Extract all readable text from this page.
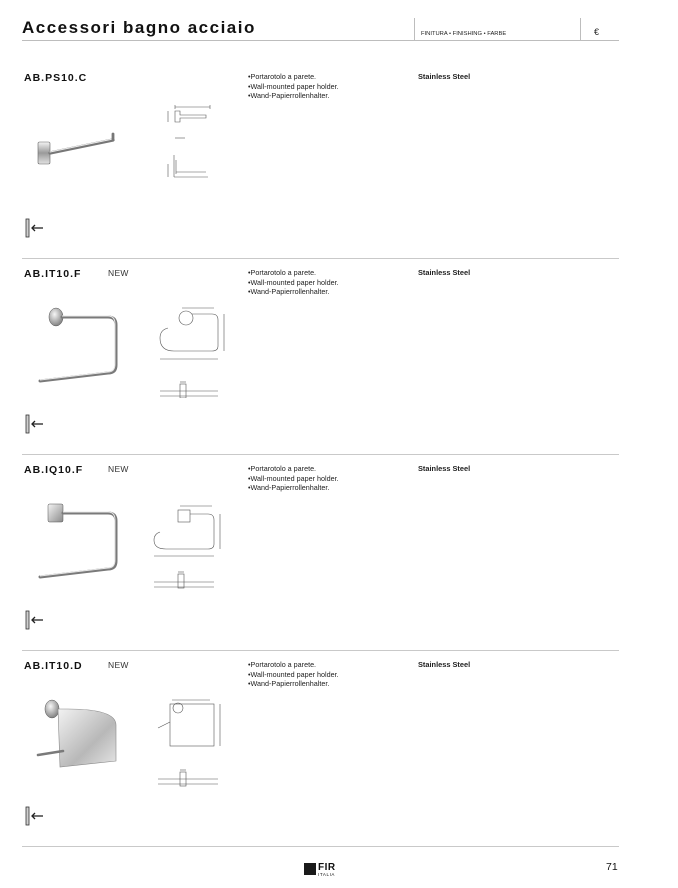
Accessori bagno acciaio	FINITURA • FINISHING • FARBE	€
AB.PS10.C	• Portarotolo a parete.
• Wall-mounted paper holder.
• Wand-Papierrollenhalter.
Stainless Steel
AB.IT10.F	NEW	• Portarotolo a parete.
• Wall-mounted paper holder.
• Wand-Papierrollenhalter.
Stainless Steel
AB.IQ10.F	NEW	• Portarotolo a parete.
• Wall-mounted paper holder.
• Wand-Papierrollenhalter.
Stainless Steel
AB.IT10.D	NEW	• Portarotolo a parete.
• Wall-mounted paper holder.
• Wand-Papierrollenhalter.
Stainless Steel
FIR
ITALIA
71
